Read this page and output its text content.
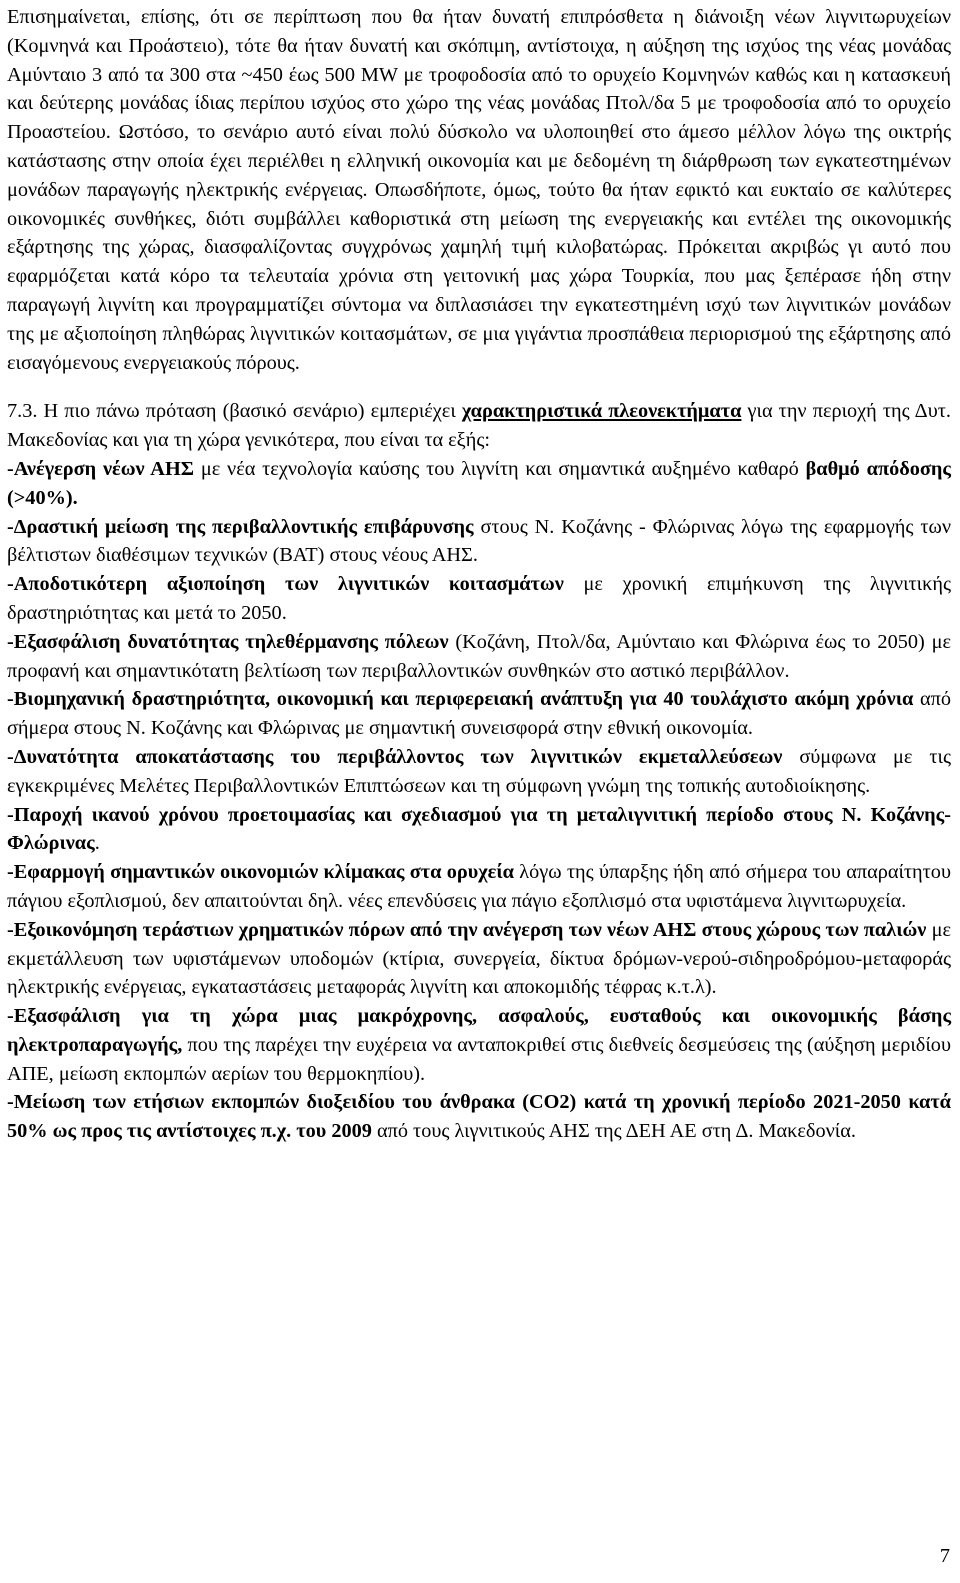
Επισημαίνεται, επίσης, ότι σε περίπτωση που θα ήταν δυνατή επιπρόσθετα η διάνοιξη νέων λιγνιτωρυχείων (Κομνηνά και Προάστειο), τότε θα ήταν δυνατή και σκόπιμη, αντίστοιχα, η αύξηση της ισχύος της νέας μονάδας Αμύνταιο 3 από τα 300 στα ~450 έως 500 MW με τροφοδοσία από το ορυχείο Κομνηνών καθώς και η κατασκευή και δεύτερης μονάδας ίδιας περίπου ισχύος στο χώρο της νέας μονάδας Πτολ/δα 5 με τροφοδοσία από το ορυχείο Προαστείου. Ωστόσο, το σενάριο αυτό είναι πολύ δύσκολο να υλοποιηθεί στο άμεσο μέλλον λόγω της οικτρής κατάστασης στην οποία έχει περιέλθει η ελληνική οικονομία και με δεδομένη τη διάρθρωση των εγκατεστημένων μονάδων παραγωγής ηλεκτρικής ενέργειας. Οπωσδήποτε, όμως, τούτο θα ήταν εφικτό και ευκταίο σε καλύτερες οικονομικές συνθήκες, διότι συμβάλλει καθοριστικά στη μείωση της ενεργειακής και εντέλει της οικονομικής εξάρτησης της χώρας, διασφαλίζοντας συγχρόνως χαμηλή τιμή κιλοβατώρας. Πρόκειται ακριβώς γι αυτό που εφαρμόζεται κατά κόρο τα τελευταία χρόνια στη γειτονική μας χώρα Τουρκία, που μας ξεπέρασε ήδη στην παραγωγή λιγνίτη και προγραμματίζει σύντομα να διπλασιάσει την εγκατεστημένη ισχύ των λιγνιτικών μονάδων της με αξιοποίηση πληθώρας λιγνιτικών κοιτασμάτων, σε μια γιγάντια προσπάθεια περιορισμού της εξάρτησης από εισαγόμενους ενεργειακούς πόρους.

7.3. Η πιο πάνω πρόταση (βασικό σενάριο) εμπεριέχει χαρακτηριστικά πλεονεκτήματα για την περιοχή της Δυτ. Μακεδονίας και για τη χώρα γενικότερα, που είναι τα εξής:

-Ανέγερση νέων ΑΗΣ με νέα τεχνολογία καύσης του λιγνίτη και σημαντικά αυξημένο καθαρό βαθμό απόδοσης (>40%).

-Δραστική μείωση της περιβαλλοντικής επιβάρυνσης στους Ν. Κοζάνης - Φλώρινας λόγω της εφαρμογής των βέλτιστων διαθέσιμων τεχνικών (ΒΑΤ) στους νέους ΑΗΣ.

-Αποδοτικότερη αξιοποίηση των λιγνιτικών κοιτασμάτων με χρονική επιμήκυνση της λιγνιτικής δραστηριότητας και μετά το 2050.

-Εξασφάλιση δυνατότητας τηλεθέρμανσης πόλεων (Κοζάνη, Πτολ/δα, Αμύνταιο και Φλώρινα έως το 2050) με προφανή και σημαντικότατη βελτίωση των περιβαλλοντικών συνθηκών στο αστικό περιβάλλον.

-Βιομηχανική δραστηριότητα, οικονομική και περιφερειακή ανάπτυξη για 40 τουλάχιστο ακόμη χρόνια από σήμερα στους Ν. Κοζάνης και Φλώρινας με σημαντική συνεισφορά στην εθνική οικονομία.

-Δυνατότητα αποκατάστασης του περιβάλλοντος των λιγνιτικών εκμεταλλεύσεων σύμφωνα με τις εγκεκριμένες Μελέτες Περιβαλλοντικών Επιπτώσεων και τη σύμφωνη γνώμη της τοπικής αυτοδιοίκησης.

-Παροχή ικανού χρόνου προετοιμασίας και σχεδιασμού για τη μεταλιγνιτική περίοδο στους Ν. Κοζάνης-Φλώρινας.

-Εφαρμογή σημαντικών οικονομιών κλίμακας στα ορυχεία λόγω της ύπαρξης ήδη από σήμερα του απαραίτητου πάγιου εξοπλισμού, δεν απαιτούνται δηλ. νέες επενδύσεις για πάγιο εξοπλισμό στα υφιστάμενα λιγνιτωρυχεία.

-Εξοικονόμηση τεράστιων χρηματικών πόρων από την ανέγερση των νέων ΑΗΣ στους χώρους των παλιών με εκμετάλλευση των υφιστάμενων υποδομών (κτίρια, συνεργεία, δίκτυα δρόμων-νερού-σιδηροδρόμου-μεταφοράς ηλεκτρικής ενέργειας, εγκαταστάσεις μεταφοράς λιγνίτη και αποκομιδής τέφρας κ.τ.λ).

-Εξασφάλιση για τη χώρα μιας μακρόχρονης, ασφαλούς, ευσταθούς και οικονομικής βάσης ηλεκτροπαραγωγής, που της παρέχει την ευχέρεια να ανταποκριθεί στις διεθνείς δεσμεύσεις της (αύξηση μεριδίου ΑΠΕ, μείωση εκπομπών αερίων του θερμοκηπίου).

-Μείωση των ετήσιων εκπομπών διοξειδίου του άνθρακα (CO2) κατά τη χρονική περίοδο 2021-2050 κατά 50% ως προς τις αντίστοιχες π.χ. του 2009 από τους λιγνιτικούς ΑΗΣ της ΔΕΗ ΑΕ στη Δ. Μακεδονία.

7
